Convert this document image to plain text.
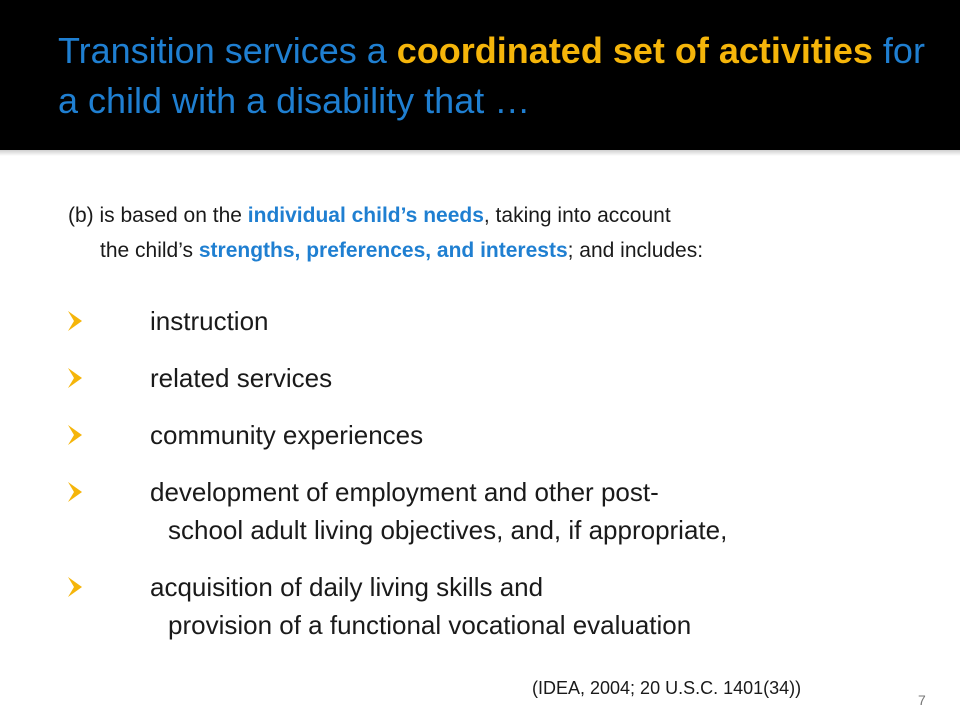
Transition services a coordinated set of activities for a child with a disability that …
(b) is based on the individual child’s needs, taking into account
the child’s strengths, preferences, and interests; and includes:
instruction
related services
community experiences
development of employment and other post-
school adult living objectives, and, if appropriate,
acquisition of daily living skills and
provision of a functional vocational evaluation
(IDEA, 2004; 20 U.S.C. 1401(34))
7
